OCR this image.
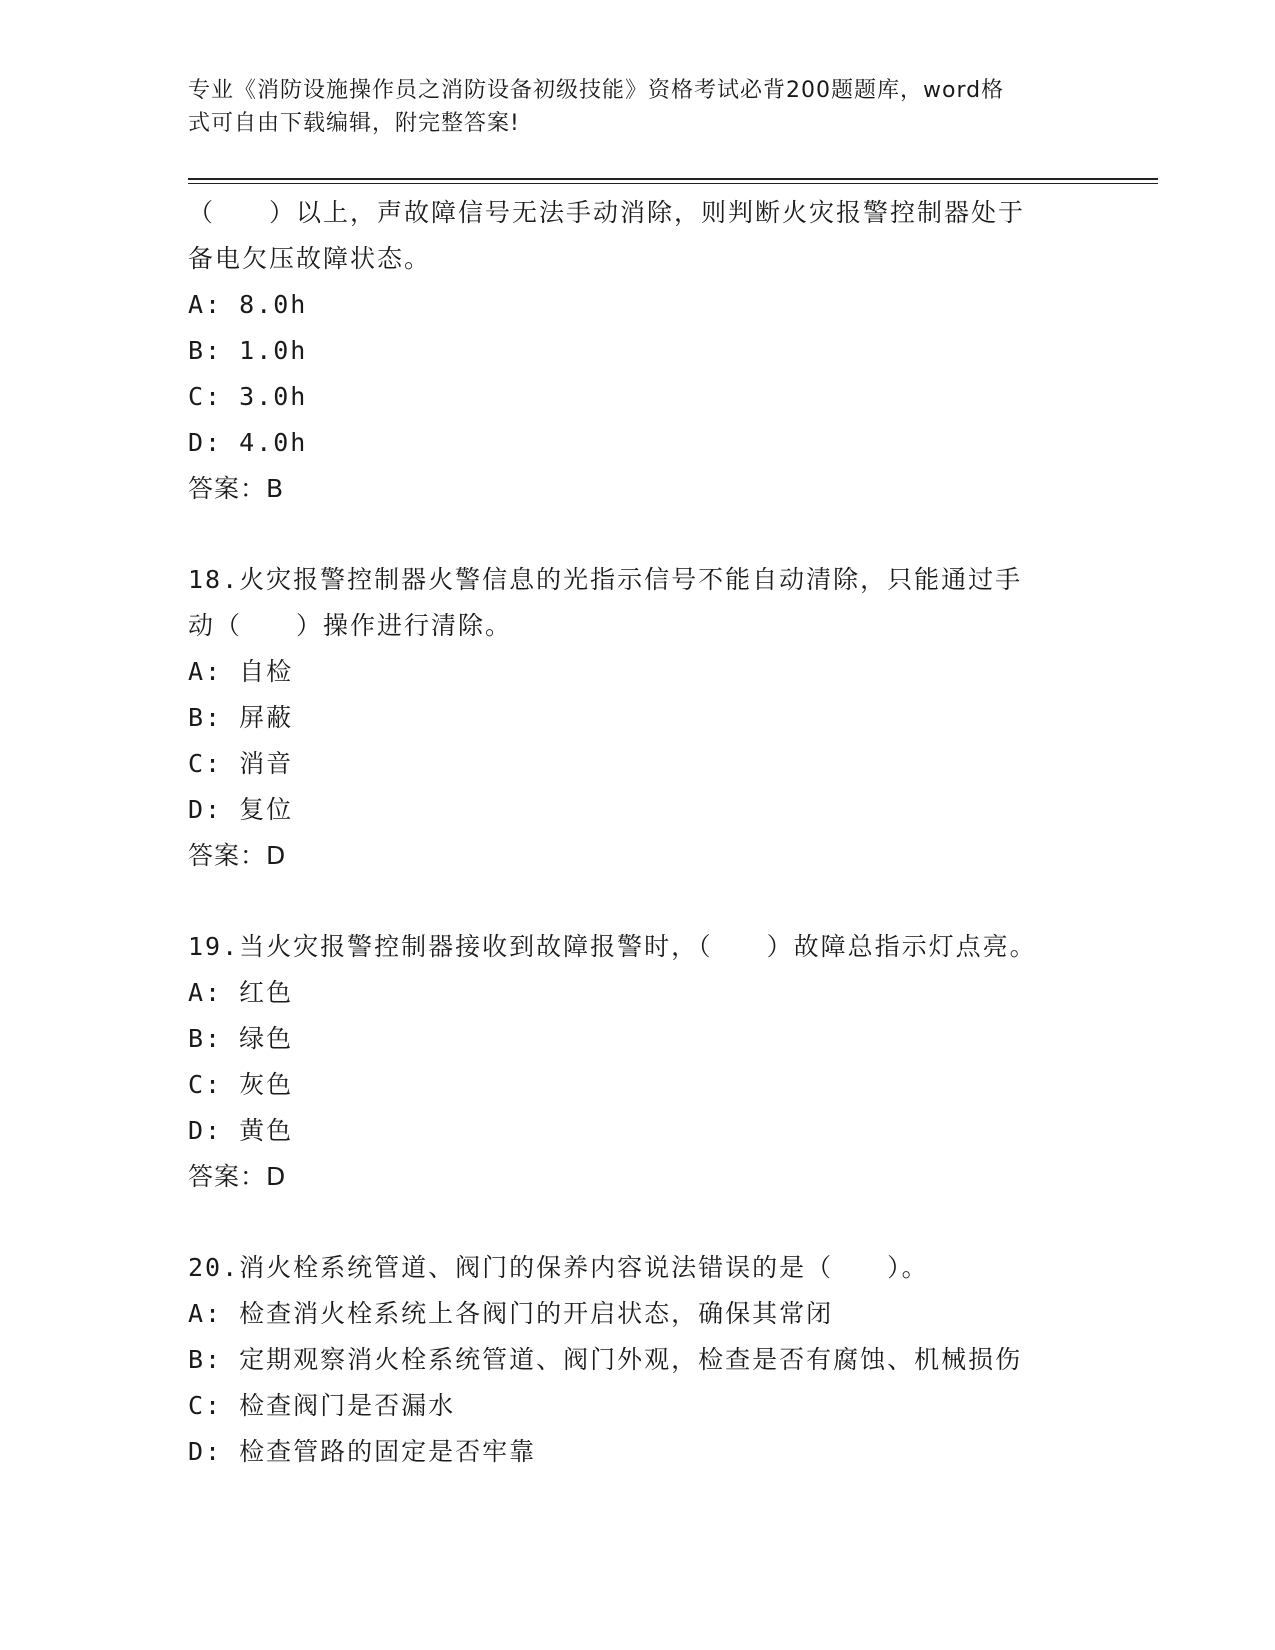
专业《消防设施操作员之消防设备初级技能》资格考试必背200题题库，word格
式可自由下载编辑，附完整答案!

（　　）以上，声故障信号无法手动消除，则判断火灾报警控制器处于

备电欠压故障状态。

A: 8.0h

B: 1.0h

C: 3.0h

D: 4.0h

答案：B

18.火灾报警控制器火警信息的光指示信号不能自动清除，只能通过手

动（　　）操作进行清除。

A: 自检

B: 屏蔽

C: 消音

D: 复位

答案：D

19.当火灾报警控制器接收到故障报警时，（　　）故障总指示灯点亮。

A: 红色

B: 绿色

C: 灰色

D: 黄色

答案：D

20.消火栓系统管道、阀门的保养内容说法错误的是（　　）。

A: 检查消火栓系统上各阀门的开启状态，确保其常闭

B: 定期观察消火栓系统管道、阀门外观，检查是否有腐蚀、机械损伤

C: 检查阀门是否漏水

D: 检查管路的固定是否牢靠
